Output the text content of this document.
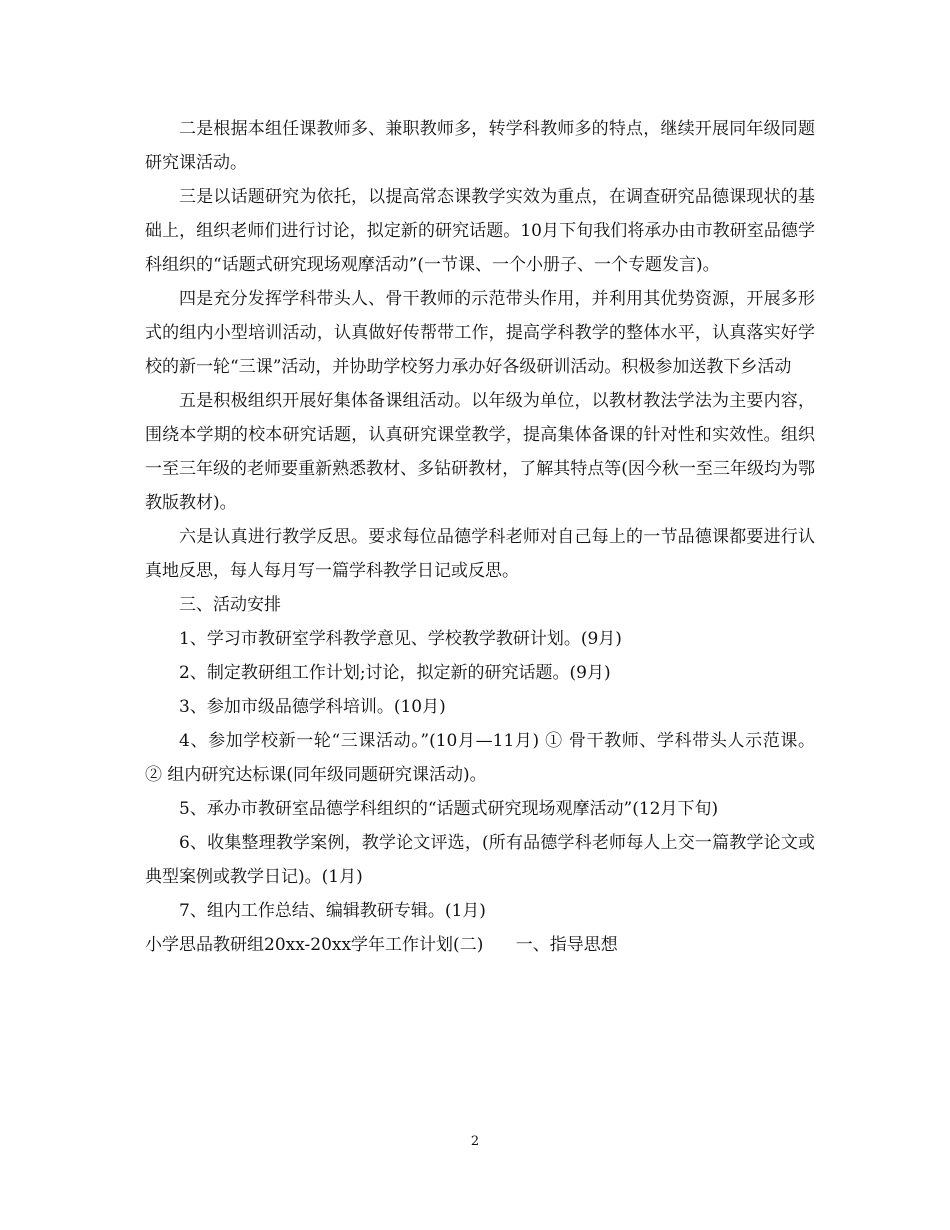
二是根据本组任课教师多、兼职教师多，转学科教师多的特点，继续开展同年级同题研究课活动。

三是以话题研究为依托，以提高常态课教学实效为重点，在调查研究品德课现状的基础上，组织老师们进行讨论，拟定新的研究话题。10月下旬我们将承办由市教研室品德学科组织的“话题式研究现场观摩活动”(一节课、一个小册子、一个专题发言)。

四是充分发挥学科带头人、骨干教师的示范带头作用，并利用其优势资源，开展多形式的组内小型培训活动，认真做好传帮带工作，提高学科教学的整体水平，认真落实好学校的新一轮“三课”活动，并协助学校努力承办好各级研训活动。积极参加送教下乡活动

五是积极组织开展好集体备课组活动。以年级为单位，以教材教法学法为主要内容，围绕本学期的校本研究话题，认真研究课堂教学，提高集体备课的针对性和实效性。组织一至三年级的老师要重新熟悉教材、多钻研教材，了解其特点等(因今秋一至三年级均为鄂教版教材)。

六是认真进行教学反思。要求每位品德学科老师对自己每上的一节品德课都要进行认真地反思，每人每月写一篇学科教学日记或反思。

三、活动安排

1、学习市教研室学科教学意见、学校教学教研计划。(9月)

2、制定教研组工作计划;讨论，拟定新的研究话题。(9月)

3、参加市级品德学科培训。(10月)

4、参加学校新一轮“三课活动。”(10月—11月) ① 骨干教师、学科带头人示范课。 ② 组内研究达标课(同年级同题研究课活动)。

5、承办市教研室品德学科组织的“话题式研究现场观摩活动”(12月下旬)

6、收集整理教学案例，教学论文评选，(所有品德学科老师每人上交一篇教学论文或典型案例或教学日记)。(1月)

7、组内工作总结、编辑教研专辑。(1月)

小学思品教研组20xx-20xx学年工作计划(二)      一、指导思想

2
